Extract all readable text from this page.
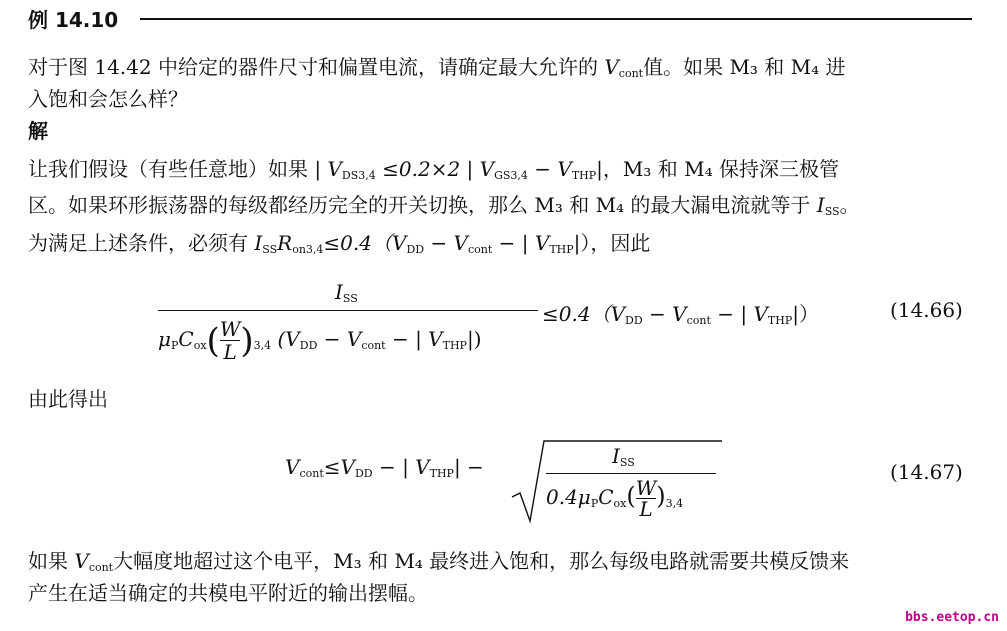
例 14.10
对于图 14.42 中给定的器件尺寸和偏置电流，请确定最大允许的 $V_{cont}$值。如果 M₃ 和 M₄ 进
入饱和会怎么样？
解
让我们假设（有些任意地）如果 | $V_{DS3,4} \le 0.2\times 2$ | $V_{GS3,4} - V_{THP}|$，M₃ 和 M₄ 保持深三极管
区。如果环形振荡器的每级都经历完全的开关切换，那么 M₃ 和 M₄ 的最大漏电流就等于 $I_{SS}$。
为满足上述条件，必须有 $I_{SS}R_{on3,4}\le 0.4(V_{DD} - V_{cont}$ − | $V_{THP}|$），因此
$I_{SS}$
$\mu_PC_{ox}( \frac{W}{L} )_{3,4}$ ($V_{DD} - V_{cont}$ − | $V_{THP}|$)
$\le 0.4(V_{DD} - V_{cont}$ − | $V_{THP}|$）	(14.66)
由此得出
$V_{cont}\le V_{DD}$ − | $V_{THP}|$ −	$I_{SS}$
$0.4\mu_PC_{ox}( \frac{W}{L} )_{3,4}$
(14.67)
如果 $V_{cont}$大幅度地超过这个电平，M₃ 和 M₄ 最终进入饱和，那么每级电路就需要共模反馈来
产生在适当确定的共模电平附近的输出摆幅。
bbs.eetop.cn
